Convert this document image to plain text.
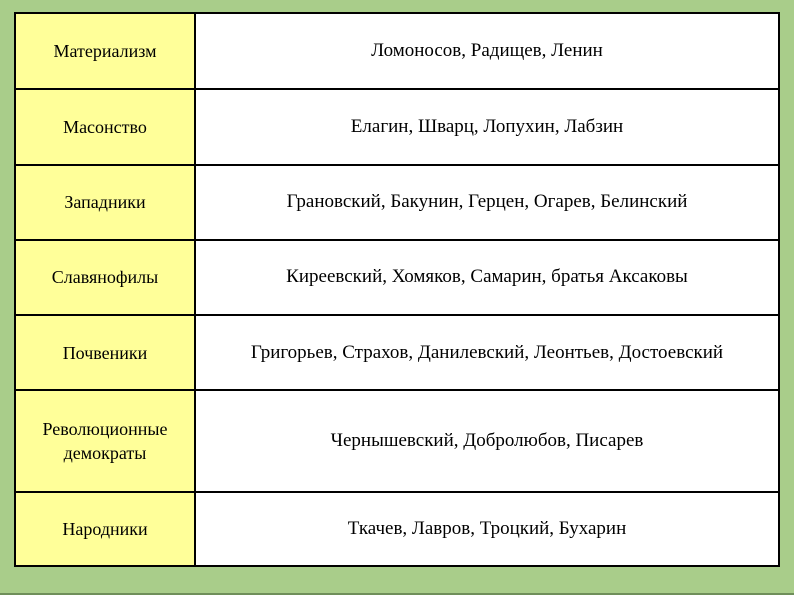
Материализм	Ломоносов, Радищев, Ленин
Масонство	Елагин, Шварц, Лопухин, Лабзин
Западники	Грановский, Бакунин, Герцен, Огарев, Белинский
Славянофилы	Киреевский, Хомяков, Самарин, братья Аксаковы
Почвеники	Григорьев, Страхов, Данилевский, Леонтьев, Достоевский
Революционные демократы	Чернышевский, Добролюбов, Писарев
Народники	Ткачев, Лавров, Троцкий, Бухарин
